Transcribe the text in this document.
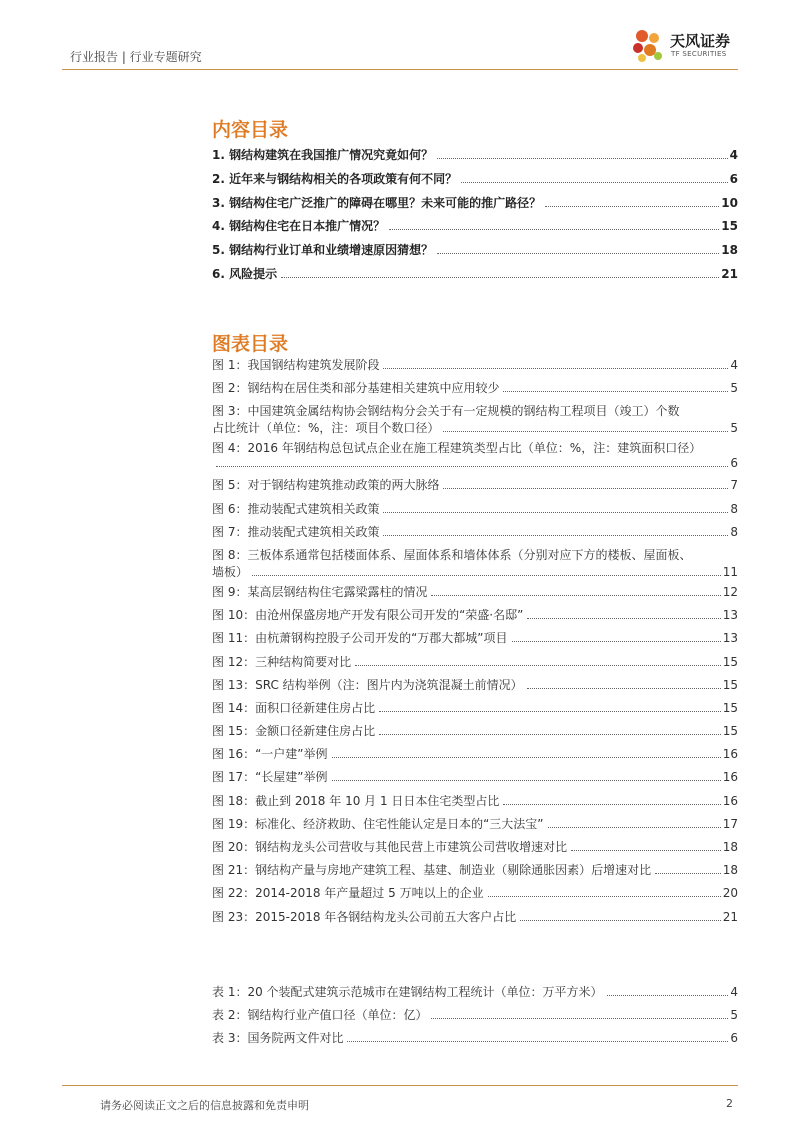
行业报告 | 行业专题研究
天风证券
TF SECURITIES
内容目录
1. 钢结构建筑在我国推广情况究竟如何？	4
2. 近年来与钢结构相关的各项政策有何不同？	6
3. 钢结构住宅广泛推广的障碍在哪里？未来可能的推广路径？	10
4. 钢结构住宅在日本推广情况？	15
5. 钢结构行业订单和业绩增速原因猜想？	18
6. 风险提示	21
图表目录
图 1：我国钢结构建筑发展阶段	4
图 2：钢结构在居住类和部分基建相关建筑中应用较少	5
图 3：中国建筑金属结构协会钢结构分会关于有一定规模的钢结构工程项目（竣工）个数
占比统计（单位：%，注：项目个数口径）	5
图 4：2016 年钢结构总包试点企业在施工程建筑类型占比（单位：%，注：建筑面积口径）
6
图 5：对于钢结构建筑推动政策的两大脉络	7
图 6：推动装配式建筑相关政策	8
图 7：推动装配式建筑相关政策	8
图 8：三板体系通常包括楼面体系、屋面体系和墙体体系（分别对应下方的楼板、屋面板、
墙板）	11
图 9：某高层钢结构住宅露梁露柱的情况	12
图 10：由沧州保盛房地产开发有限公司开发的“荣盛·名邸”	13
图 11：由杭萧钢构控股子公司开发的“万郡大都城”项目	13
图 12：三种结构简要对比	15
图 13：SRC 结构举例（注：图片内为浇筑混凝土前情况）	15
图 14：面积口径新建住房占比	15
图 15：金额口径新建住房占比	15
图 16：“一户建”举例	16
图 17：“长屋建”举例	16
图 18：截止到 2018 年 10 月 1 日日本住宅类型占比	16
图 19：标准化、经济救助、住宅性能认定是日本的“三大法宝”	17
图 20：钢结构龙头公司营收与其他民营上市建筑公司营收增速对比	18
图 21：钢结构产量与房地产建筑工程、基建、制造业（剔除通胀因素）后增速对比	18
图 22：2014-2018 年产量超过 5 万吨以上的企业	20
图 23：2015-2018 年各钢结构龙头公司前五大客户占比	21
表 1：20 个装配式建筑示范城市在建钢结构工程统计（单位：万平方米）	4
表 2：钢结构行业产值口径（单位：亿）	5
表 3：国务院两文件对比	6
请务必阅读正文之后的信息披露和免责申明	2
